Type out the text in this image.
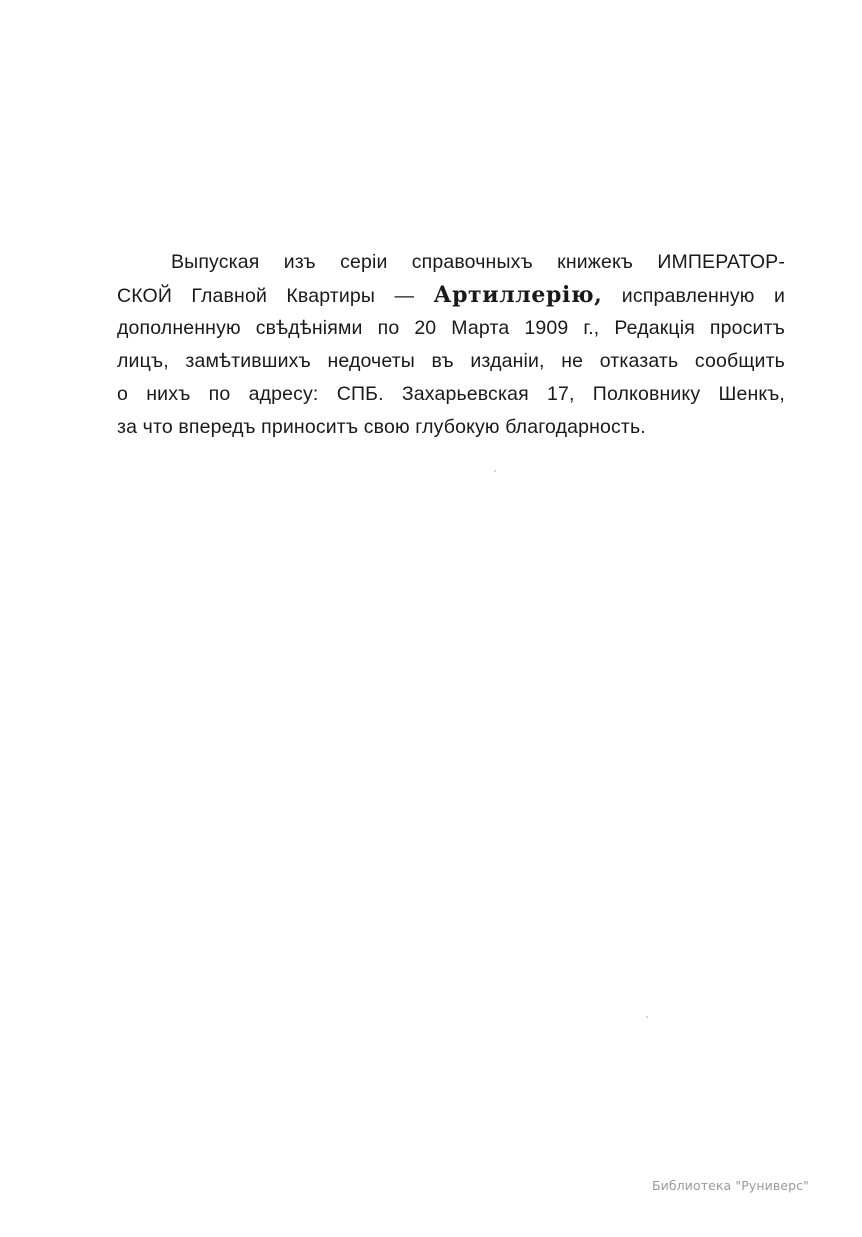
Выпуская изъ серіи справочныхъ книжекъ ИМПЕРАТОР-
СКОЙ Главной Квартиры — Артиллерію, исправленную и
дополненную свѣдѣніями по 20 Марта 1909 г., Редакція проситъ
лицъ, замѣтившихъ недочеты въ изданіи, не отказать сообщить
о нихъ по адресу: СПБ. Захарьевская 17, Полковнику Шенкъ,
за что впередъ приноситъ свою глубокую благодарность.
Библиотека "Руниверс"
